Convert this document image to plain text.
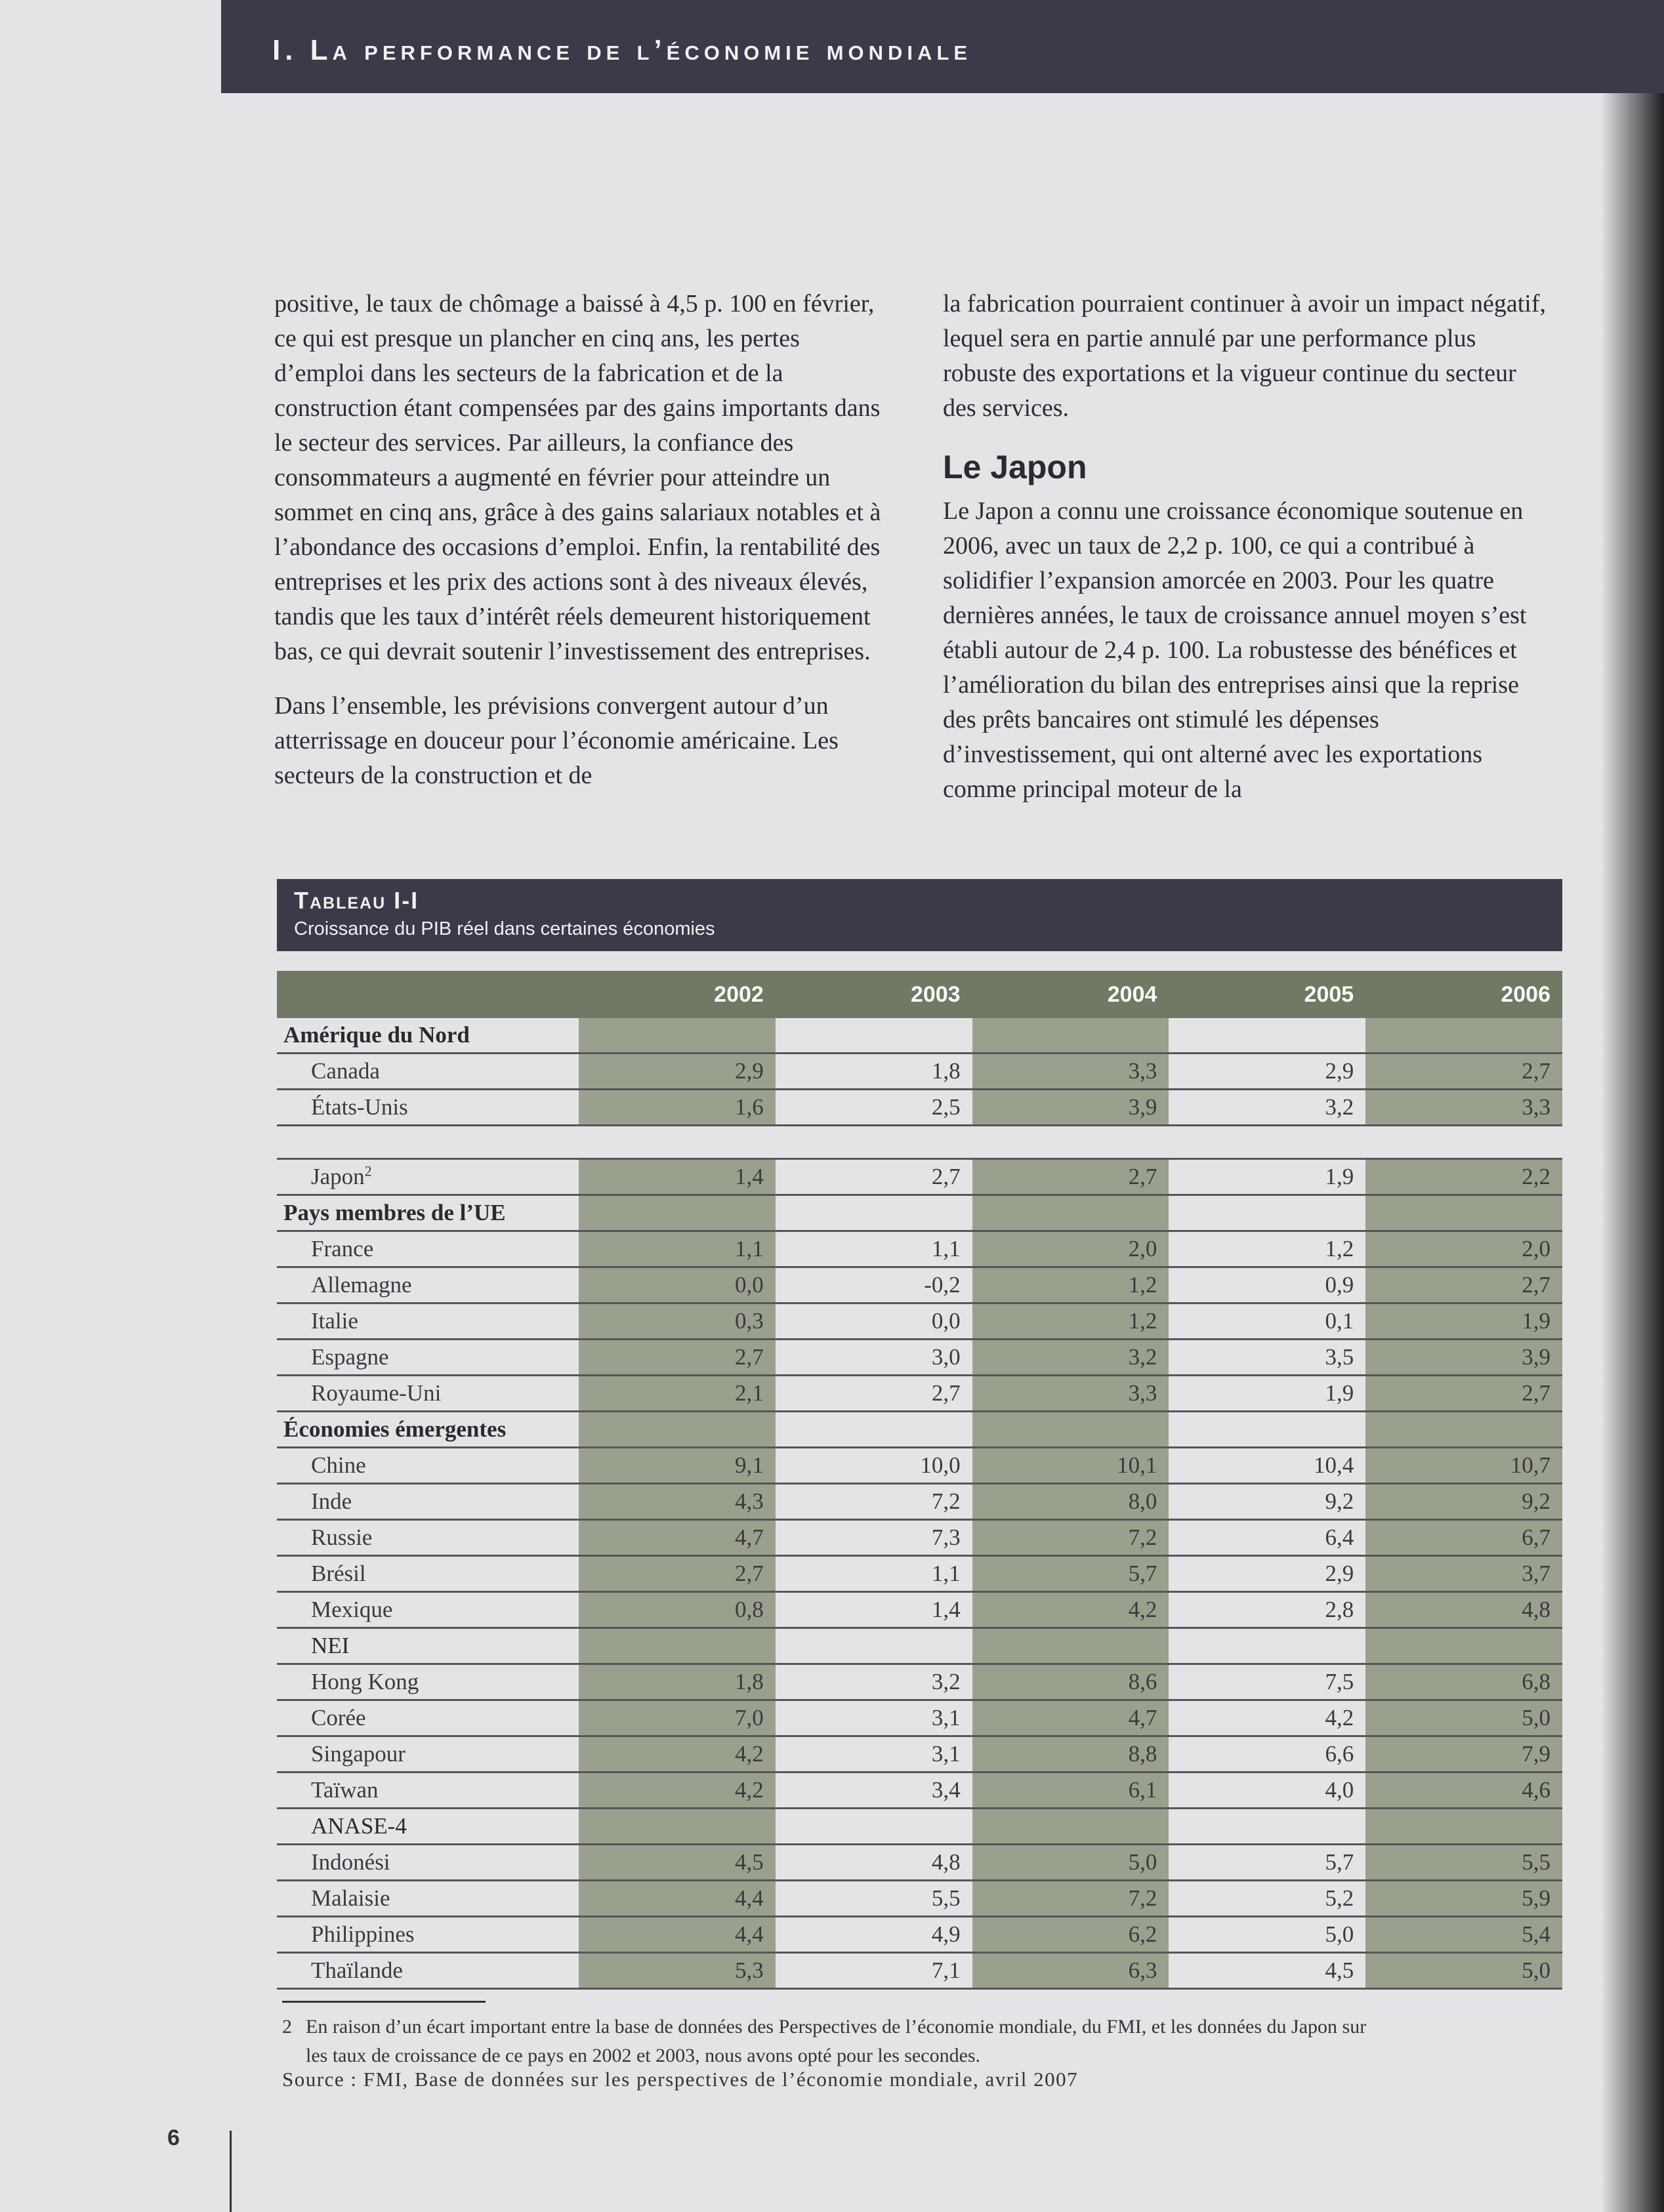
I. La performance de l’économie mondiale

positive, le taux de chômage a baissé à 4,5 p. 100 en février, ce qui est presque un plancher en cinq ans, les pertes d’emploi dans les secteurs de la fabrication et de la construction étant compensées par des gains importants dans le secteur des services. Par ailleurs, la confiance des consommateurs a augmenté en février pour atteindre un sommet en cinq ans, grâce à des gains salariaux notables et à l’abondance des occasions d’emploi. Enfin, la rentabilité des entreprises et les prix des actions sont à des niveaux élevés, tandis que les taux d’intérêt réels demeurent historiquement bas, ce qui devrait soutenir l’investissement des entreprises.

Dans l’ensemble, les prévisions convergent autour d’un atterrissage en douceur pour l’économie américaine. Les secteurs de la construction et de

la fabrication pourraient continuer à avoir un impact négatif, lequel sera en partie annulé par une performance plus robuste des exportations et la vigueur continue du secteur des services.

Le Japon

Le Japon a connu une croissance économique soutenue en 2006, avec un taux de 2,2 p. 100, ce qui a contribué à solidifier l’expansion amorcée en 2003. Pour les quatre dernières années, le taux de croissance annuel moyen s’est établi autour de 2,4 p. 100. La robustesse des bénéfices et l’amélioration du bilan des entreprises ainsi que la reprise des prêts bancaires ont stimulé les dépenses d’investissement, qui ont alterné avec les exportations comme principal moteur de la

Tableau I-I
Croissance du PIB réel dans certaines économies
	2002	2003	2004	2005	2006
Amérique du Nord					
Canada	2,9	1,8	3,3	2,9	2,7
États-Unis	1,6	2,5	3,9	3,2	3,3

Japon$^2$	1,4	2,7	2,7	1,9	2,2
Pays membres de l’UE					
France	1,1	1,1	2,0	1,2	2,0
Allemagne	0,0	-0,2	1,2	0,9	2,7
Italie	0,3	0,0	1,2	0,1	1,9
Espagne	2,7	3,0	3,2	3,5	3,9
Royaume-Uni	2,1	2,7	3,3	1,9	2,7
Économies émergentes					
Chine	9,1	10,0	10,1	10,4	10,7
Inde	4,3	7,2	8,0	9,2	9,2
Russie	4,7	7,3	7,2	6,4	6,7
Brésil	2,7	1,1	5,7	2,9	3,7
Mexique	0,8	1,4	4,2	2,8	4,8
NEI					
Hong Kong	1,8	3,2	8,6	7,5	6,8
Corée	7,0	3,1	4,7	4,2	5,0
Singapour	4,2	3,1	8,8	6,6	7,9
Taïwan	4,2	3,4	6,1	4,0	4,6
ANASE-4					
Indonési	4,5	4,8	5,0	5,7	5,5
Malaisie	4,4	5,5	7,2	5,2	5,9
Philippines	4,4	4,9	6,2	5,0	5,4
Thaïlande	5,3	7,1	6,3	4,5	5,0
2 En raison d’un écart important entre la base de données des Perspectives de l’économie mondiale, du FMI, et les données du Japon sur
les taux de croissance de ce pays en 2002 et 2003, nous avons opté pour les secondes.
Source : FMI, Base de données sur les perspectives de l’économie mondiale, avril 2007
6
